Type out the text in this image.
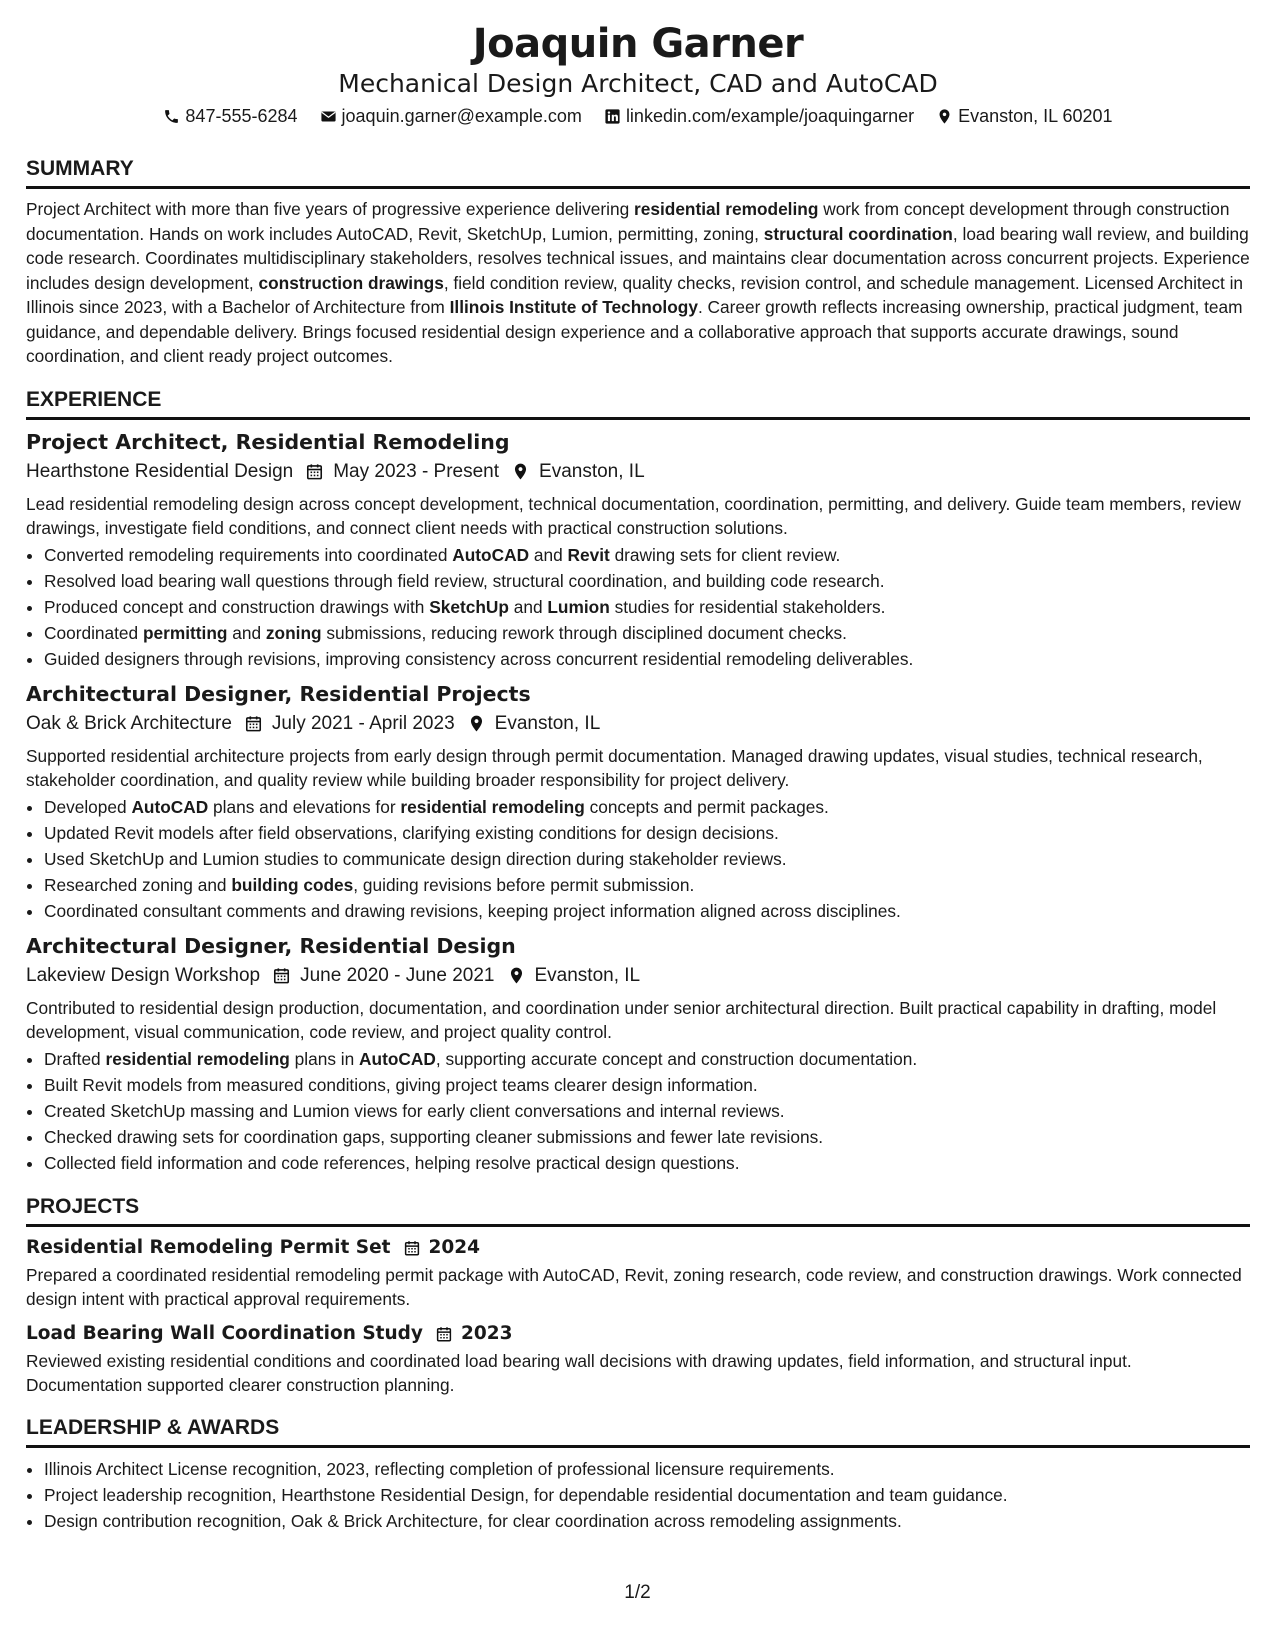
Joaquin Garner
Mechanical Design Architect, CAD and AutoCAD
847-555-6284 joaquin.garner@example.com linkedin.com/example/joaquingarner Evanston, IL 60201
SUMMARY
Project Architect with more than five years of progressive experience delivering residential remodeling work from concept development through construction documentation. Hands on work includes AutoCAD, Revit, SketchUp, Lumion, permitting, zoning, structural coordination, load bearing wall review, and building code research. Coordinates multidisciplinary stakeholders, resolves technical issues, and maintains clear documentation across concurrent projects. Experience includes design development, construction drawings, field condition review, quality checks, revision control, and schedule management. Licensed Architect in Illinois since 2023, with a Bachelor of Architecture from Illinois Institute of Technology. Career growth reflects increasing ownership, practical judgment, team guidance, and dependable delivery. Brings focused residential design experience and a collaborative approach that supports accurate drawings, sound coordination, and client ready project outcomes.
EXPERIENCE
Project Architect, Residential Remodeling
Hearthstone Residential Design May 2023 - Present Evanston, IL
Lead residential remodeling design across concept development, technical documentation, coordination, permitting, and delivery. Guide team members, review drawings, investigate field conditions, and connect client needs with practical construction solutions.
• Converted remodeling requirements into coordinated AutoCAD and Revit drawing sets for client review.
• Resolved load bearing wall questions through field review, structural coordination, and building code research.
• Produced concept and construction drawings with SketchUp and Lumion studies for residential stakeholders.
• Coordinated permitting and zoning submissions, reducing rework through disciplined document checks.
• Guided designers through revisions, improving consistency across concurrent residential remodeling deliverables.
Architectural Designer, Residential Projects
Oak & Brick Architecture July 2021 - April 2023 Evanston, IL
Supported residential architecture projects from early design through permit documentation. Managed drawing updates, visual studies, technical research, stakeholder coordination, and quality review while building broader responsibility for project delivery.
• Developed AutoCAD plans and elevations for residential remodeling concepts and permit packages.
• Updated Revit models after field observations, clarifying existing conditions for design decisions.
• Used SketchUp and Lumion studies to communicate design direction during stakeholder reviews.
• Researched zoning and building codes, guiding revisions before permit submission.
• Coordinated consultant comments and drawing revisions, keeping project information aligned across disciplines.
Architectural Designer, Residential Design
Lakeview Design Workshop June 2020 - June 2021 Evanston, IL
Contributed to residential design production, documentation, and coordination under senior architectural direction. Built practical capability in drafting, model development, visual communication, code review, and project quality control.
• Drafted residential remodeling plans in AutoCAD, supporting accurate concept and construction documentation.
• Built Revit models from measured conditions, giving project teams clearer design information.
• Created SketchUp massing and Lumion views for early client conversations and internal reviews.
• Checked drawing sets for coordination gaps, supporting cleaner submissions and fewer late revisions.
• Collected field information and code references, helping resolve practical design questions.
PROJECTS
Residential Remodeling Permit Set 2024
Prepared a coordinated residential remodeling permit package with AutoCAD, Revit, zoning research, code review, and construction drawings. Work connected design intent with practical approval requirements.
Load Bearing Wall Coordination Study 2023
Reviewed existing residential conditions and coordinated load bearing wall decisions with drawing updates, field information, and structural input. Documentation supported clearer construction planning.
LEADERSHIP & AWARDS
• Illinois Architect License recognition, 2023, reflecting completion of professional licensure requirements.
• Project leadership recognition, Hearthstone Residential Design, for dependable residential documentation and team guidance.
• Design contribution recognition, Oak & Brick Architecture, for clear coordination across remodeling assignments.
1/2
